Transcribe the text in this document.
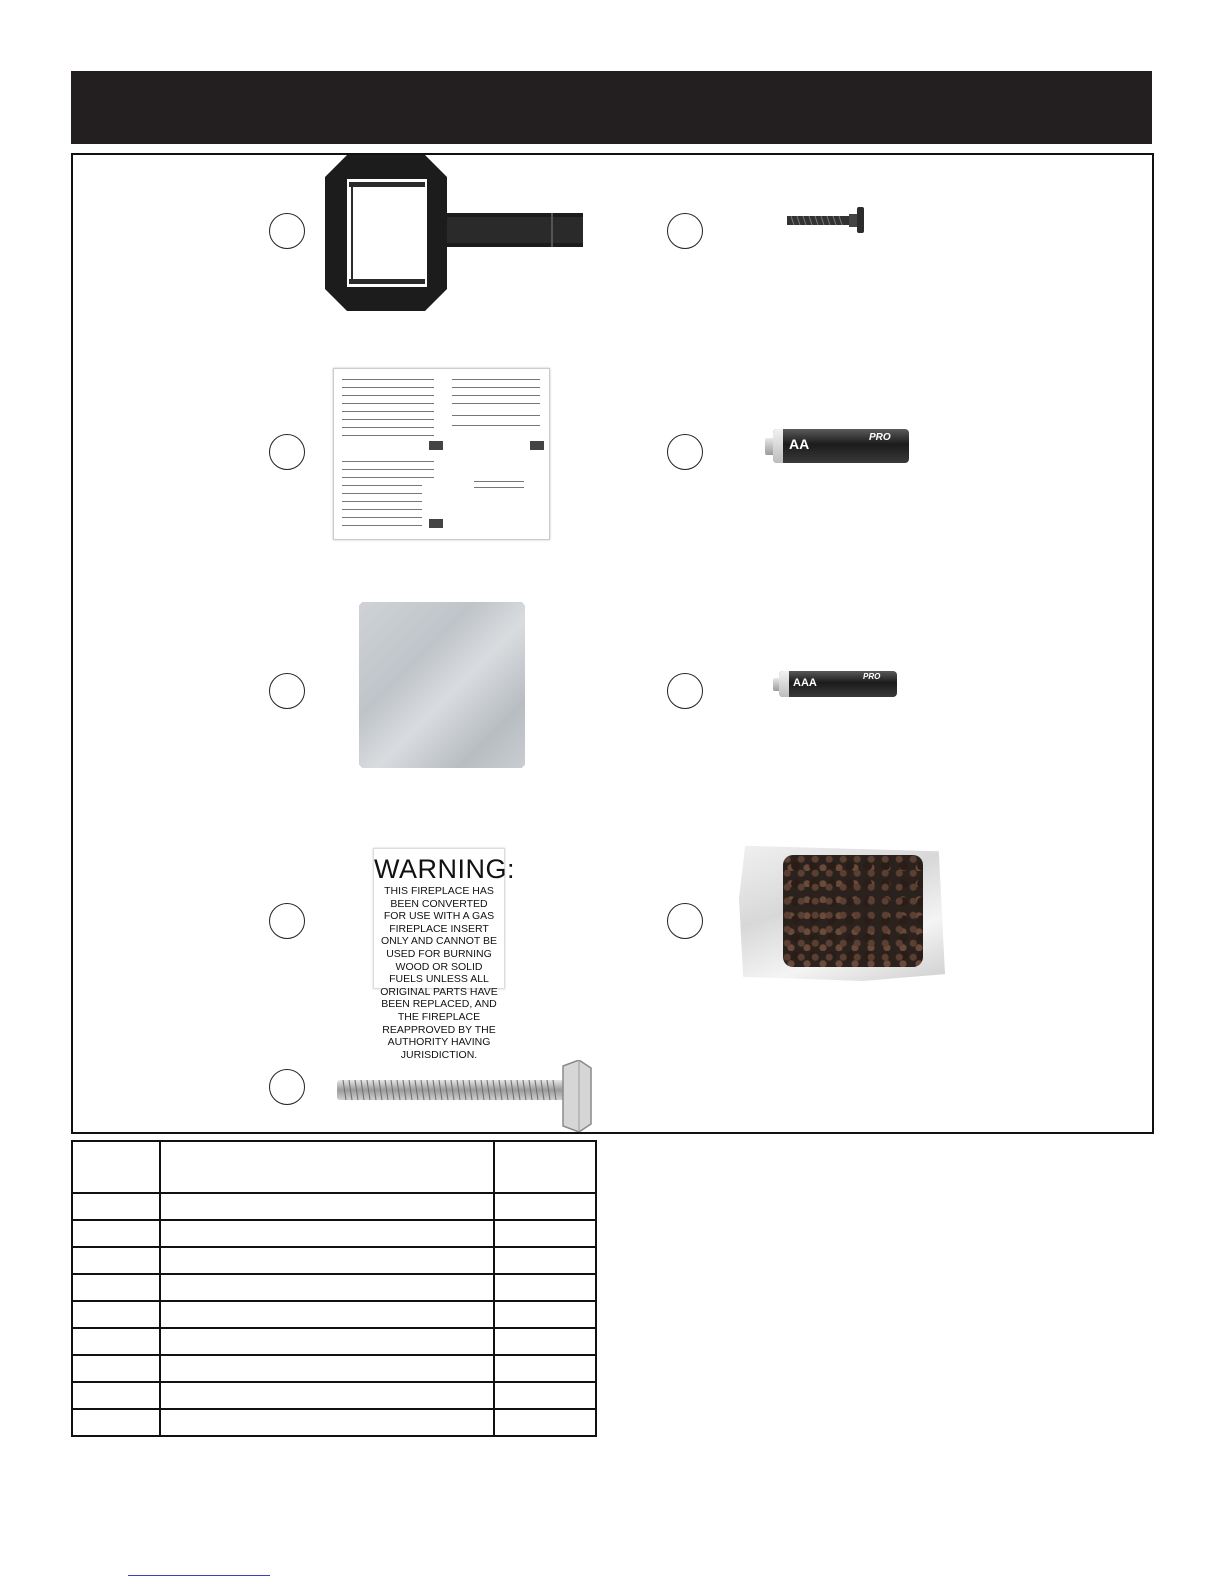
AA	PRO
AAA
PRO
WARNING:
THIS FIREPLACE HAS BEEN CONVERTED FOR USE WITH A GAS FIREPLACE INSERT ONLY AND CANNOT BE USED FOR BURNING WOOD OR SOLID FUELS UNLESS ALL ORIGINAL PARTS HAVE BEEN REPLACED, AND THE FIREPLACE REAPPROVED BY THE AUTHORITY HAVING JURISDICTION.
